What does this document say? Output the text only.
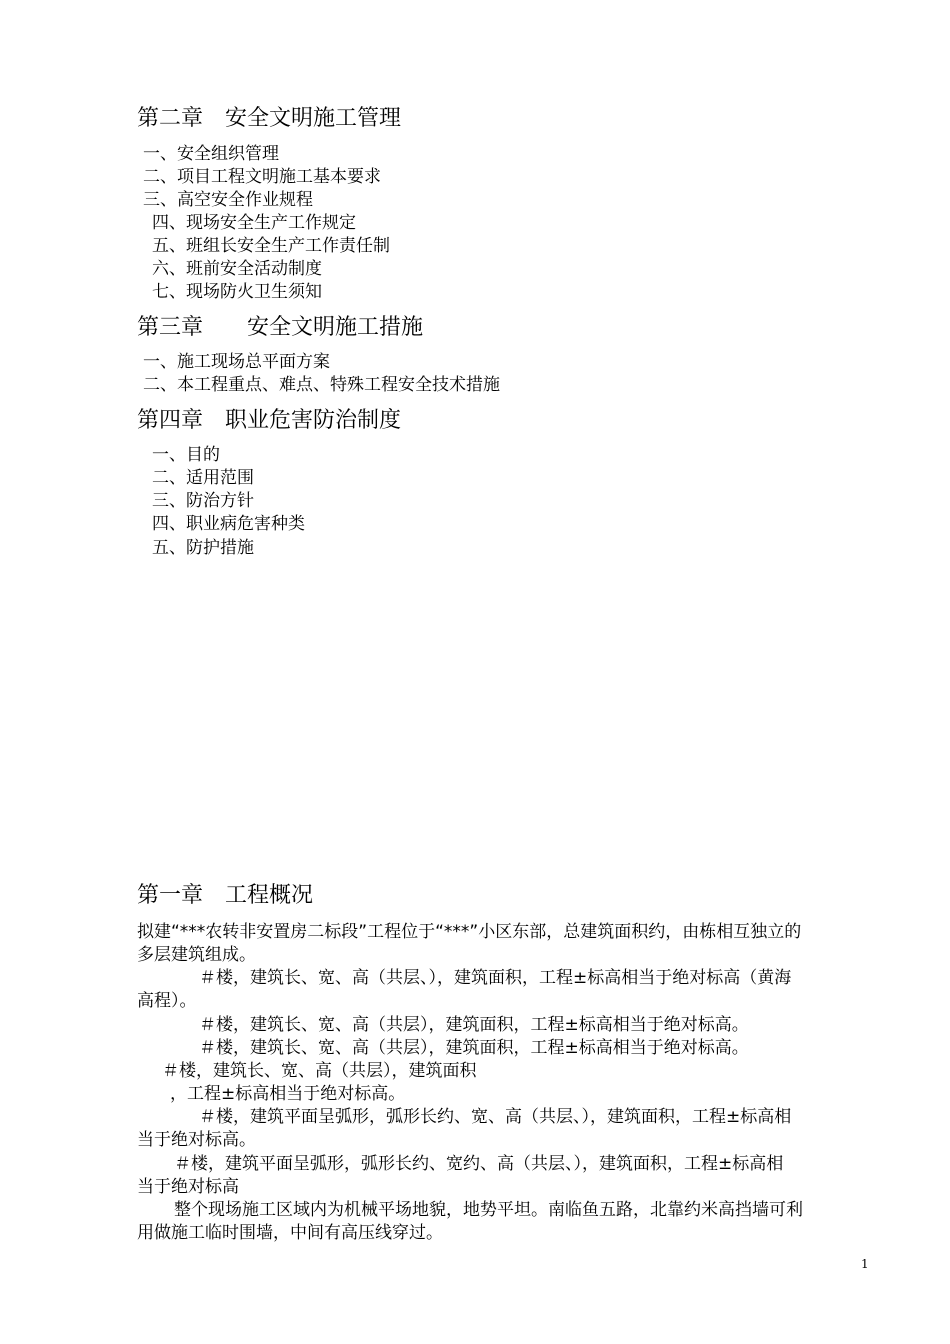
第二章　安全文明施工管理
一、安全组织管理
二、项目工程文明施工基本要求
三、高空安全作业规程
四、现场安全生产工作规定
五、班组长安全生产工作责任制
六、班前安全活动制度
七、现场防火卫生须知
第三章　　安全文明施工措施
一、施工现场总平面方案
二、本工程重点、难点、特殊工程安全技术措施
第四章　职业危害防治制度
一、目的
二、适用范围
三、防治方针
四、职业病危害种类
五、防护措施
第一章　工程概况
拟建“***农转非安置房二标段”工程位于“***”小区东部，总建筑面积约，由栋相互独立的
多层建筑组成。
＃楼，建筑长、宽、高（共层、），建筑面积，工程±标高相当于绝对标高（黄海
高程）。
＃楼，建筑长、宽、高（共层），建筑面积，工程±标高相当于绝对标高。
＃楼，建筑长、宽、高（共层），建筑面积，工程±标高相当于绝对标高。
＃楼，建筑长、宽、高（共层），建筑面积
，工程±标高相当于绝对标高。
＃楼，建筑平面呈弧形，弧形长约、宽、高（共层、），建筑面积，工程±标高相
当于绝对标高。
＃楼，建筑平面呈弧形，弧形长约、宽约、高（共层、），建筑面积，工程±标高相
当于绝对标高
整个现场施工区域内为机械平场地貌，地势平坦。南临鱼五路，北靠约米高挡墙可利
用做施工临时围墙，中间有高压线穿过。
1
